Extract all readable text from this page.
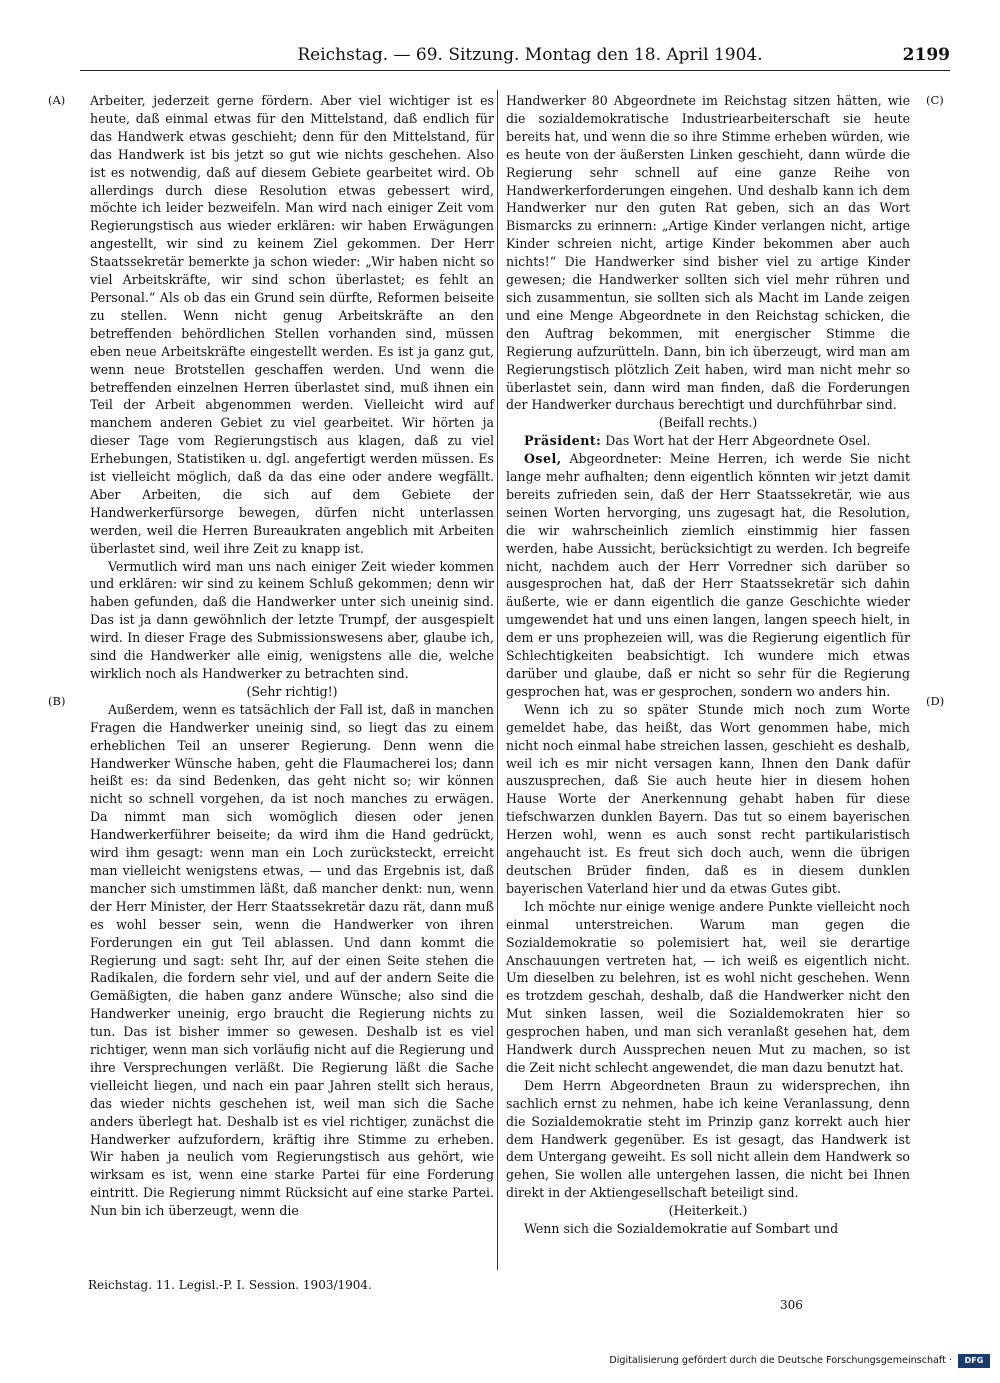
Reichstag. — 69. Sitzung. Montag den 18. April 1904.	2199
(A)
(B)
(C)
(D)

Arbeiter, jederzeit gerne fördern. Aber viel wichtiger ist es heute, daß einmal etwas für den Mittelstand, daß endlich für das Handwerk etwas geschieht; denn für den Mittelstand, für das Handwerk ist bis jetzt so gut wie nichts geschehen. Also ist es notwendig, daß auf diesem Gebiete gearbeitet wird. Ob allerdings durch diese Resolution etwas gebessert wird, möchte ich leider bezweifeln. Man wird nach einiger Zeit vom Regierungstisch aus wieder erklären: wir haben Erwägungen angestellt, wir sind zu keinem Ziel gekommen. Der Herr Staatssekretär bemerkte ja schon wieder: „Wir haben nicht so viel Arbeitskräfte, wir sind schon überlastet; es fehlt an Personal.“ Als ob das ein Grund sein dürfte, Reformen beiseite zu stellen. Wenn nicht genug Arbeitskräfte an den betreffenden behördlichen Stellen vorhanden sind, müssen eben neue Arbeitskräfte eingestellt werden. Es ist ja ganz gut, wenn neue Brotstellen geschaffen werden. Und wenn die betreffenden einzelnen Herren überlastet sind, muß ihnen ein Teil der Arbeit abgenommen werden. Vielleicht wird auf manchem anderen Gebiet zu viel gearbeitet. Wir hörten ja dieser Tage vom Regierungstisch aus klagen, daß zu viel Erhebungen, Statistiken u. dgl. angefertigt werden müssen. Es ist vielleicht möglich, daß da das eine oder andere wegfällt. Aber Arbeiten, die sich auf dem Gebiete der Handwerkerfürsorge bewegen, dürfen nicht unterlassen werden, weil die Herren Bureaukraten angeblich mit Arbeiten überlastet sind, weil ihre Zeit zu knapp ist.

Vermutlich wird man uns nach einiger Zeit wieder kommen und erklären: wir sind zu keinem Schluß gekommen; denn wir haben gefunden, daß die Handwerker unter sich uneinig sind. Das ist ja dann gewöhnlich der letzte Trumpf, der ausgespielt wird. In dieser Frage des Submissionswesens aber, glaube ich, sind die Handwerker alle einig, wenigstens alle die, welche wirklich noch als Handwerker zu betrachten sind.

(Sehr richtig!)

Außerdem, wenn es tatsächlich der Fall ist, daß in manchen Fragen die Handwerker uneinig sind, so liegt das zu einem erheblichen Teil an unserer Regierung. Denn wenn die Handwerker Wünsche haben, geht die Flaumacherei los; dann heißt es: da sind Bedenken, das geht nicht so; wir können nicht so schnell vorgehen, da ist noch manches zu erwägen. Da nimmt man sich womöglich diesen oder jenen Handwerkerführer beiseite; da wird ihm die Hand gedrückt, wird ihm gesagt: wenn man ein Loch zurücksteckt, erreicht man vielleicht wenigstens etwas, — und das Ergebnis ist, daß mancher sich umstimmen läßt, daß mancher denkt: nun, wenn der Herr Minister, der Herr Staatssekretär dazu rät, dann muß es wohl besser sein, wenn die Handwerker von ihren Forderungen ein gut Teil ablassen. Und dann kommt die Regierung und sagt: seht Ihr, auf der einen Seite stehen die Radikalen, die fordern sehr viel, und auf der andern Seite die Gemäßigten, die haben ganz andere Wünsche; also sind die Handwerker uneinig, ergo braucht die Regierung nichts zu tun. Das ist bisher immer so gewesen. Deshalb ist es viel richtiger, wenn man sich vorläufig nicht auf die Regierung und ihre Versprechungen verläßt. Die Regierung läßt die Sache vielleicht liegen, und nach ein paar Jahren stellt sich heraus, das wieder nichts geschehen ist, weil man sich die Sache anders überlegt hat. Deshalb ist es viel richtiger, zunächst die Handwerker aufzufordern, kräftig ihre Stimme zu erheben. Wir haben ja neulich vom Regierungstisch aus gehört, wie wirksam es ist, wenn eine starke Partei für eine Forderung eintritt. Die Regierung nimmt Rücksicht auf eine starke Partei. Nun bin ich überzeugt, wenn die

Handwerker 80 Abgeordnete im Reichstag sitzen hätten, wie die sozialdemokratische Industriearbeiterschaft sie heute bereits hat, und wenn die so ihre Stimme erheben würden, wie es heute von der äußersten Linken geschieht, dann würde die Regierung sehr schnell auf eine ganze Reihe von Handwerkerforderungen eingehen. Und deshalb kann ich dem Handwerker nur den guten Rat geben, sich an das Wort Bismarcks zu erinnern: „Artige Kinder verlangen nicht, artige Kinder schreien nicht, artige Kinder bekommen aber auch nichts!“ Die Handwerker sind bisher viel zu artige Kinder gewesen; die Handwerker sollten sich viel mehr rühren und sich zusammentun, sie sollten sich als Macht im Lande zeigen und eine Menge Abgeordnete in den Reichstag schicken, die den Auftrag bekommen, mit energischer Stimme die Regierung aufzurütteln. Dann, bin ich überzeugt, wird man am Regierungstisch plötzlich Zeit haben, wird man nicht mehr so überlastet sein, dann wird man finden, daß die Forderungen der Handwerker durchaus berechtigt und durchführbar sind.

(Beifall rechts.)

Präsident: Das Wort hat der Herr Abgeordnete Osel.

Osel, Abgeordneter: Meine Herren, ich werde Sie nicht lange mehr aufhalten; denn eigentlich könnten wir jetzt damit bereits zufrieden sein, daß der Herr Staatssekretär, wie aus seinen Worten hervorging, uns zugesagt hat, die Resolution, die wir wahrscheinlich ziemlich einstimmig hier fassen werden, habe Aussicht, berücksichtigt zu werden. Ich begreife nicht, nachdem auch der Herr Vorredner sich darüber so ausgesprochen hat, daß der Herr Staatssekretär sich dahin äußerte, wie er dann eigentlich die ganze Geschichte wieder umgewendet hat und uns einen langen, langen speech hielt, in dem er uns prophezeien will, was die Regierung eigentlich für Schlechtigkeiten beabsichtigt. Ich wundere mich etwas darüber und glaube, daß er nicht so sehr für die Regierung gesprochen hat, was er gesprochen, sondern wo anders hin.

Wenn ich zu so später Stunde mich noch zum Worte gemeldet habe, das heißt, das Wort genommen habe, mich nicht noch einmal habe streichen lassen, geschieht es deshalb, weil ich es mir nicht versagen kann, Ihnen den Dank dafür auszusprechen, daß Sie auch heute hier in diesem hohen Hause Worte der Anerkennung gehabt haben für diese tiefschwarzen dunklen Bayern. Das tut so einem bayerischen Herzen wohl, wenn es auch sonst recht partikularistisch angehaucht ist. Es freut sich doch auch, wenn die übrigen deutschen Brüder finden, daß es in diesem dunklen bayerischen Vaterland hier und da etwas Gutes gibt.

Ich möchte nur einige wenige andere Punkte vielleicht noch einmal unterstreichen. Warum man gegen die Sozialdemokratie so polemisiert hat, weil sie derartige Anschauungen vertreten hat, — ich weiß es eigentlich nicht. Um dieselben zu belehren, ist es wohl nicht geschehen. Wenn es trotzdem geschah, deshalb, daß die Handwerker nicht den Mut sinken lassen, weil die Sozialdemokraten hier so gesprochen haben, und man sich veranlaßt gesehen hat, dem Handwerk durch Aussprechen neuen Mut zu machen, so ist die Zeit nicht schlecht angewendet, die man dazu benutzt hat.

Dem Herrn Abgeordneten Braun zu widersprechen, ihn sachlich ernst zu nehmen, habe ich keine Veranlassung, denn die Sozialdemokratie steht im Prinzip ganz korrekt auch hier dem Handwerk gegenüber. Es ist gesagt, das Handwerk ist dem Untergang geweiht. Es soll nicht allein dem Handwerk so gehen, Sie wollen alle untergehen lassen, die nicht bei Ihnen direkt in der Aktiengesellschaft beteiligt sind.

(Heiterkeit.)

Wenn sich die Sozialdemokratie auf Sombart und

Reichstag. 11. Legisl.-P. I. Session. 1903/1904.
306
Digitalisierung gefördert durch die Deutsche Forschungsgemeinschaft ·	DFG
